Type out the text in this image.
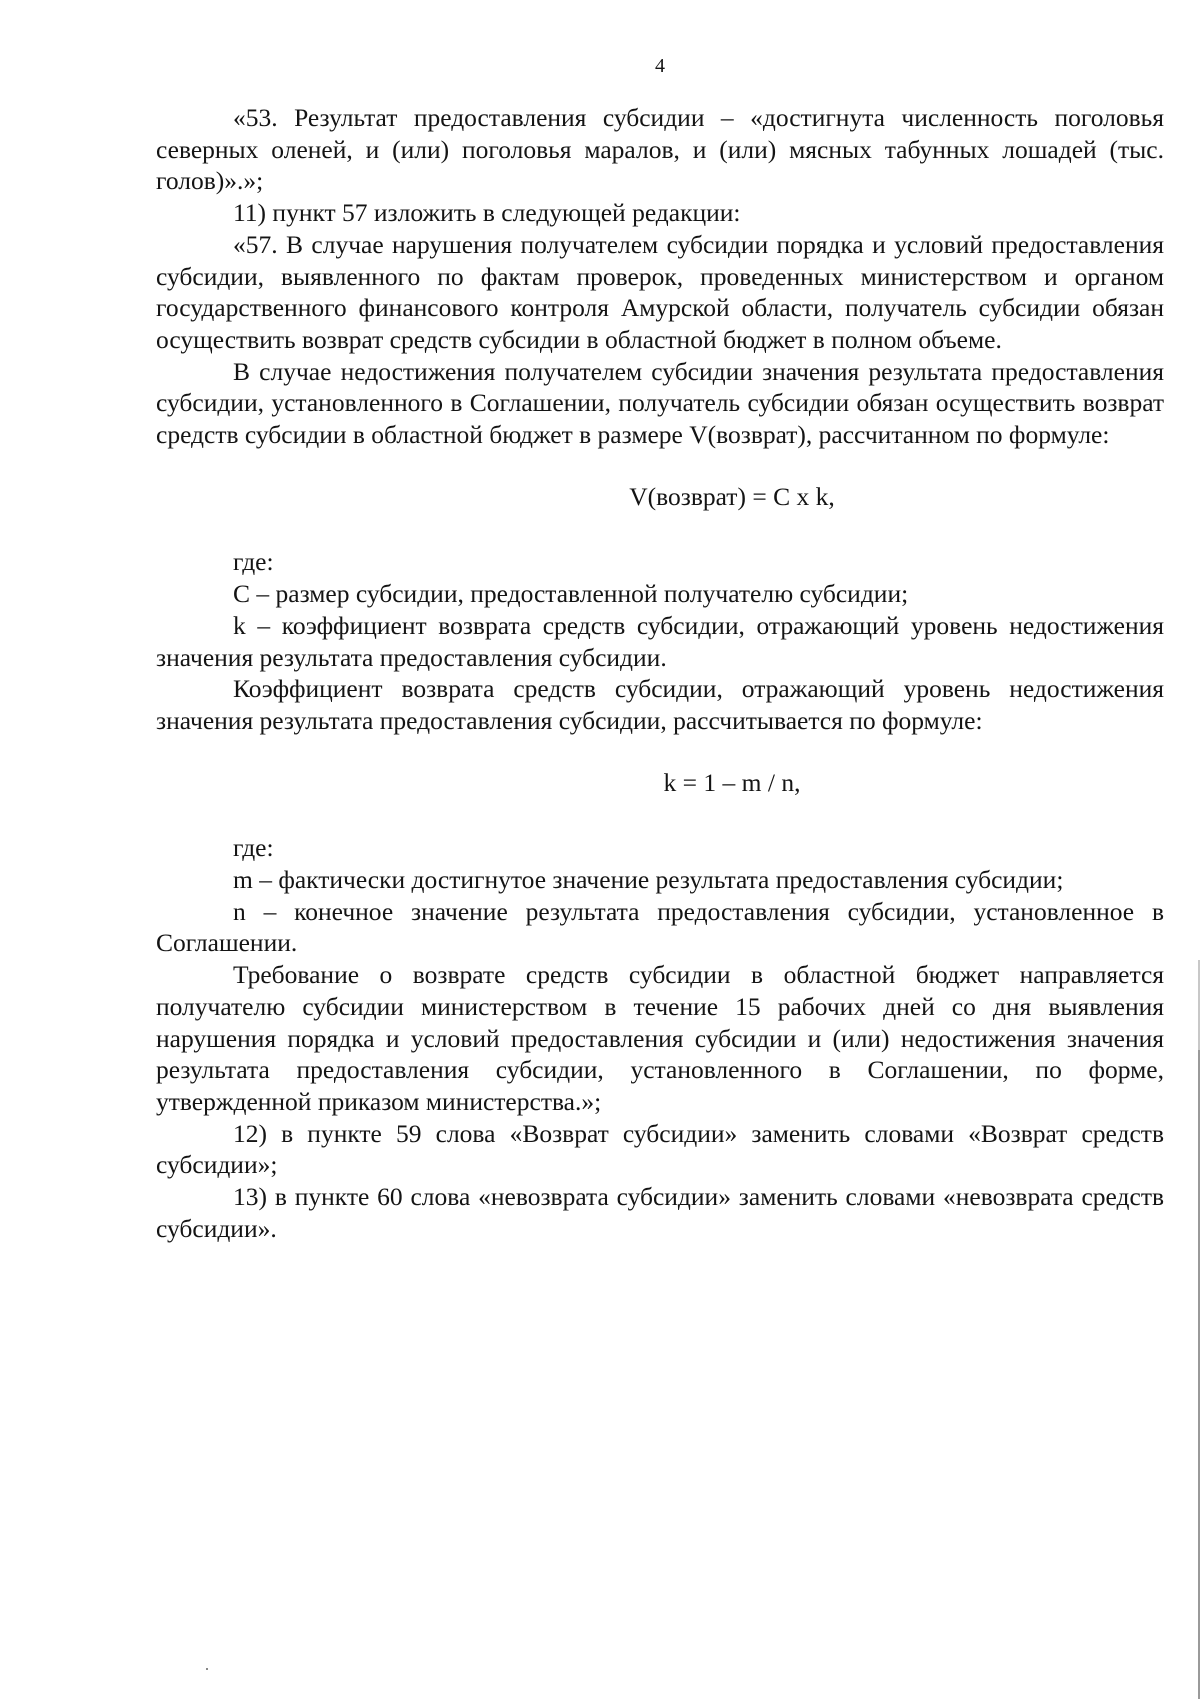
4

«53. Результат предоставления субсидии – «достигнута численность поголовья северных оленей, и (или) поголовья маралов, и (или) мясных табунных лошадей (тыс. голов)».»;

11) пункт 57 изложить в следующей редакции:

«57. В случае нарушения получателем субсидии порядка и условий предоставления субсидии, выявленного по фактам проверок, проведенных министерством и органом государственного финансового контроля Амурской области, получатель субсидии обязан осуществить возврат средств субсидии в областной бюджет в полном объеме.

В случае недостижения получателем субсидии значения результата предоставления субсидии, установленного в Соглашении, получатель субсидии обязан осуществить возврат средств субсидии в областной бюджет в размере V(возврат), рассчитанном по формуле:

V(возврат) = C x k,

где:

C – размер субсидии, предоставленной получателю субсидии;

k – коэффициент возврата средств субсидии, отражающий уровень недостижения значения результата предоставления субсидии.

Коэффициент возврата средств субсидии, отражающий уровень недостижения значения результата предоставления субсидии, рассчитывается по формуле:

k = 1 – m / n,

где:

m – фактически достигнутое значение результата предоставления субсидии;

n – конечное значение результата предоставления субсидии, установленное в Соглашении.

Требование о возврате средств субсидии в областной бюджет направляется получателю субсидии министерством в течение 15 рабочих дней со дня выявления нарушения порядка и условий предоставления субсидии и (или) недостижения значения результата предоставления субсидии, установленного в Соглашении, по форме, утвержденной приказом министерства.»;

12) в пункте 59 слова «Возврат субсидии» заменить словами «Возврат средств субсидии»;

13) в пункте 60 слова «невозврата субсидии» заменить словами «невозврата средств субсидии».
